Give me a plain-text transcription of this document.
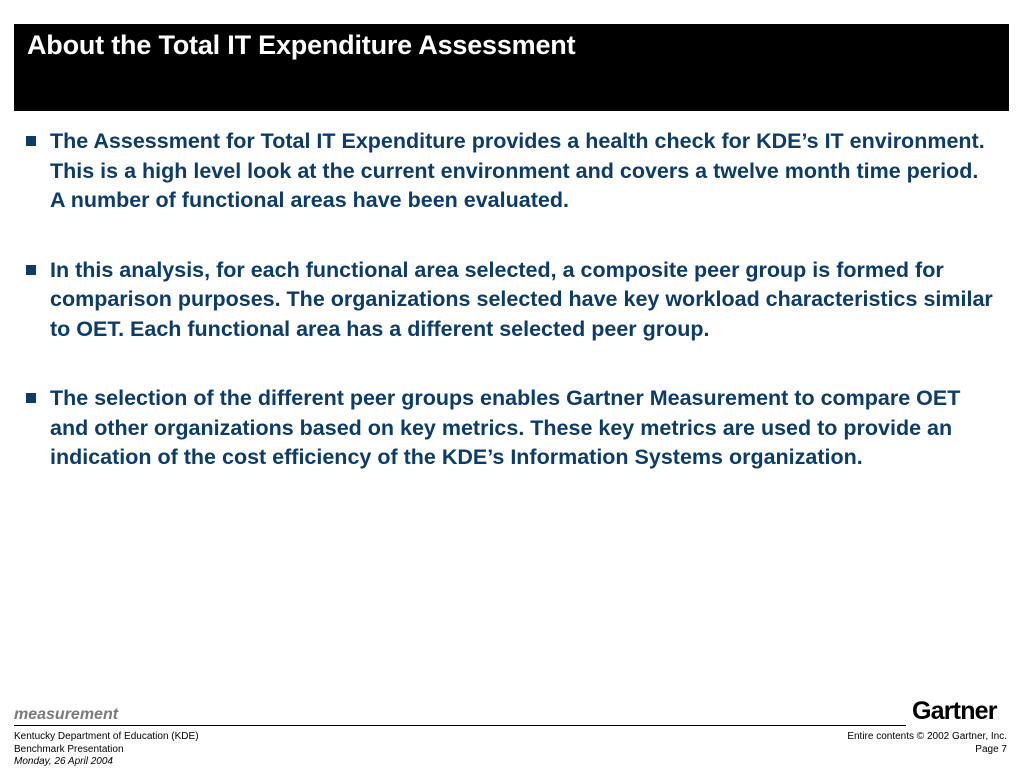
About the Total IT Expenditure Assessment
The Assessment for Total IT Expenditure provides a health check for KDE’s IT environment. This is a high level look at the current environment and covers a twelve month time period. A number of functional areas have been evaluated.
In this analysis, for each functional area selected, a composite peer group is formed for comparison purposes. The organizations selected have key workload characteristics similar to OET. Each functional area has a different selected peer group.
The selection of the different peer groups enables Gartner Measurement to compare OET and other organizations based on key metrics. These key metrics are used to provide an indication of the cost efficiency of the KDE’s Information Systems organization.
measurement	Gartner
Kentucky Department of Education (KDE)
Benchmark Presentation
Monday, 26 April 2004
Entire contents © 2002 Gartner, Inc.
Page 7
